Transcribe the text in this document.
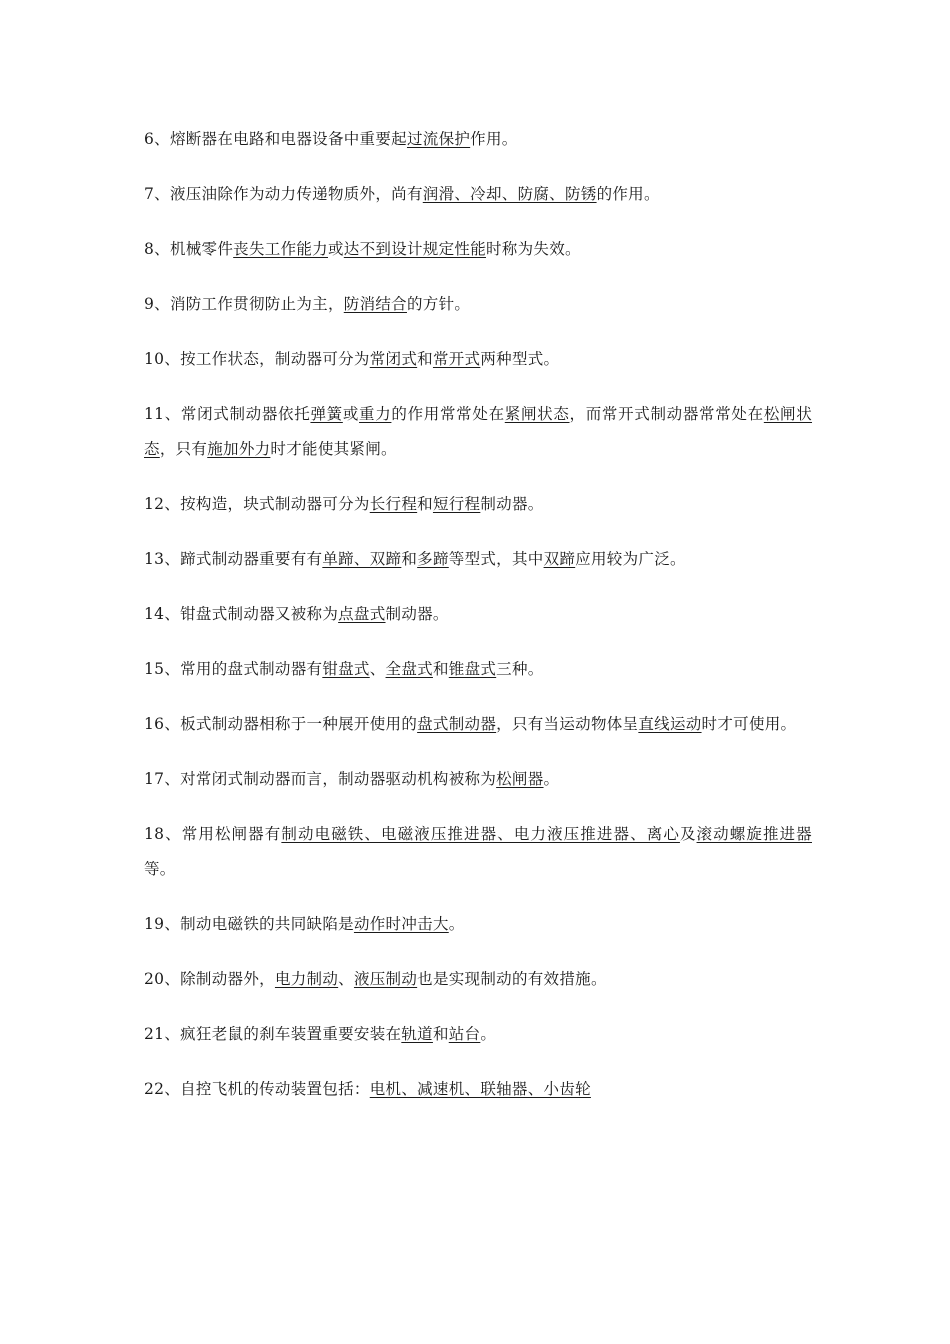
6、熔断器在电路和电器设备中重要起过流保护作用。

7、液压油除作为动力传递物质外，尚有润滑、冷却、防腐、防锈的作用。

8、机械零件丧失工作能力或达不到设计规定性能时称为失效。

9、消防工作贯彻防止为主，防消结合的方针。

10、按工作状态，制动器可分为常闭式和常开式两种型式。

11、常闭式制动器依托弹簧或重力的作用常常处在紧闸状态，而常开式制动器常常处在松闸状态，只有施加外力时才能使其紧闸。

12、按构造，块式制动器可分为长行程和短行程制动器。

13、蹄式制动器重要有有单蹄、双蹄和多蹄等型式，其中双蹄应用较为广泛。

14、钳盘式制动器又被称为点盘式制动器。

15、常用的盘式制动器有钳盘式、全盘式和锥盘式三种。

16、板式制动器相称于一种展开使用的盘式制动器，只有当运动物体呈直线运动时才可使用。

17、对常闭式制动器而言，制动器驱动机构被称为松闸器。

18、常用松闸器有制动电磁铁、电磁液压推进器、电力液压推进器、离心及滚动螺旋推进器等。

19、制动电磁铁的共同缺陷是动作时冲击大。

20、除制动器外，电力制动、液压制动也是实现制动的有效措施。

21、疯狂老鼠的刹车装置重要安装在轨道和站台。

22、自控飞机的传动装置包括：电机、减速机、联轴器、小齿轮
